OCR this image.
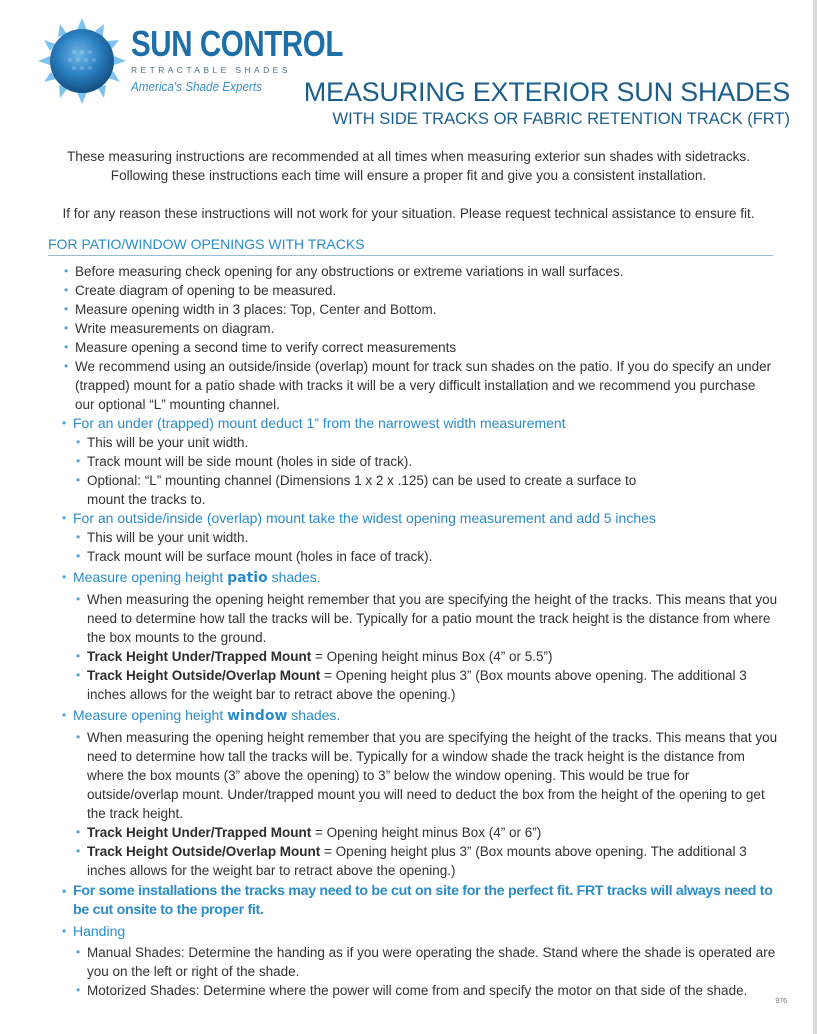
SUN CONTROL
RETRACTABLE SHADES
America's Shade Experts	MEASURING EXTERIOR SUN SHADES
WITH SIDE TRACKS OR FABRIC RETENTION TRACK (FRT)
These measuring instructions are recommended at all times when measuring exterior sun shades with sidetracks.
Following these instructions each time will ensure a proper fit and give you a consistent installation.
If for any reason these instructions will not work for your situation. Please request technical assistance to ensure fit.
FOR PATIO/WINDOW OPENINGS WITH TRACKS
• Before measuring check opening for any obstructions or extreme variations in wall surfaces.
• Create diagram of opening to be measured.
• Measure opening width in 3 places: Top, Center and Bottom.
• Write measurements on diagram.
• Measure opening a second time to verify correct measurements
• We recommend using an outside/inside (overlap) mount for track sun shades on the patio. If you do specify an under (trapped) mount for a patio shade with tracks it will be a very difficult installation and we recommend you purchase our optional “L” mounting channel.
• For an under (trapped) mount deduct 1” from the narrowest width measurement
• This will be your unit width.
• Track mount will be side mount (holes in side of track).
• Optional: “L” mounting channel (Dimensions 1 x 2 x .125) can be used to create a surface to
mount the tracks to.
• For an outside/inside (overlap) mount take the widest opening measurement and add 5 inches
• This will be your unit width.
• Track mount will be surface mount (holes in face of track).
• Measure opening height patio shades.
• When measuring the opening height remember that you are specifying the height of the tracks. This means that you need to determine how tall the tracks will be. Typically for a patio mount the track height is the distance from where the box mounts to the ground.
• Track Height Under/Trapped Mount = Opening height minus Box (4” or 5.5”)
• Track Height Outside/Overlap Mount = Opening height plus 3” (Box mounts above opening. The additional 3 inches allows for the weight bar to retract above the opening.)
• Measure opening height window shades.
• When measuring the opening height remember that you are specifying the height of the tracks. This means that you need to determine how tall the tracks will be. Typically for a window shade the track height is the distance from where the box mounts (3” above the opening) to 3” below the window opening. This would be true for outside/overlap mount. Under/trapped mount you will need to deduct the box from the height of the opening to get the track height.
• Track Height Under/Trapped Mount = Opening height minus Box (4” or 6”)
• Track Height Outside/Overlap Mount = Opening height plus 3” (Box mounts above opening. The additional 3 inches allows for the weight bar to retract above the opening.)
• For some installations the tracks may need to be cut on site for the perfect fit. FRT tracks will always need to be cut onsite to the proper fit.
• Handing
• Manual Shades: Determine the handing as if you were operating the shade. Stand where the shade is operated are you on the left or right of the shade.
• Motorized Shades: Determine where the power will come from and specify the motor on that side of the shade.
976
